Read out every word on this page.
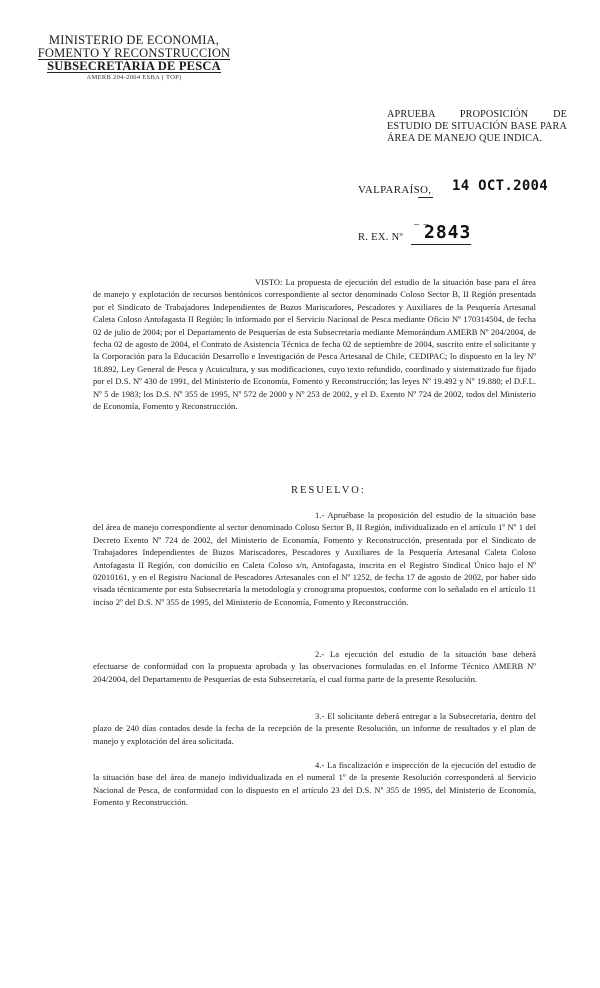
MINISTERIO DE ECONOMIA,
FOMENTO Y RECONSTRUCCION
SUBSECRETARIA DE PESCA
AMERB 204-2004 ESBA ( TOP)
APRUEBA PROPOSICIÓN DE ESTUDIO DE SITUACIÓN BASE PARA ÁREA DE MANEJO QUE INDICA.
VALPARAÍSO, 14 OCT.2004
– –
R. EX. Nº 2843

VISTO: La propuesta de ejecución del estudio de la situación base para el área de manejo y explotación de recursos bentónicos correspondiente al sector denominado Coloso Sector B, II Región presentada por el Sindicato de Trabajadores Independientes de Buzos Mariscadores, Pescadores y Auxiliares de la Pesquería Artesanal Caleta Coloso Antofagasta II Región; lo informado por el Servicio Nacional de Pesca mediante Oficio Nº 170314504, de fecha 02 de julio de 2004; por el Departamento de Pesquerías de esta Subsecretaría mediante Memorándum AMERB Nº 204/2004, de fecha 02 de agosto de 2004, el Contrato de Asistencia Técnica de fecha 02 de septiembre de 2004, suscrito entre el solicitante y la Corporación para la Educación Desarrollo e Investigación de Pesca Artesanal de Chile, CEDIPAC; lo dispuesto en la ley Nº 18.892, Ley General de Pesca y Acuicultura, y sus modificaciones, cuyo texto refundido, coordinado y sistematizado fue fijado por el D.S. Nº 430 de 1991, del Ministerio de Economía, Fomento y Reconstrucción; las leyes Nº 19.492 y Nº 19.880; el D.F.L. Nº 5 de 1983; los D.S. Nº 355 de 1995, Nº 572 de 2000 y Nº 253 de 2002, y el D. Exento Nº 724 de 2002, todos del Ministerio de Economía, Fomento y Reconstrucción.

RESUELVO:

1.- Apruébase la proposición del estudio de la situación base del área de manejo correspondiente al sector denominado Coloso Sector B, II Región, individualizado en el artículo 1º Nº 1 del Decreto Exento Nº 724 de 2002, del Ministerio de Economía, Fomento y Reconstrucción, presentada por el Sindicato de Trabajadores Independientes de Buzos Mariscadores, Pescadores y Auxiliares de la Pesquería Artesanal Caleta Coloso Antofagasta II Región, con domicilio en Caleta Coloso s/n, Antofagasta, inscrita en el Registro Sindical Único bajo el Nº 02010161, y en el Registro Nacional de Pescadores Artesanales con el Nº 1252, de fecha 17 de agosto de 2002, por haber sido visada técnicamente por esta Subsecretaría la metodología y cronograma propuestos, conforme con lo señalado en el artículo 11 inciso 2º del D.S. Nº 355 de 1995, del Ministerio de Economía, Fomento y Reconstrucción.

2.- La ejecución del estudio de la situación base deberá efectuarse de conformidad con la propuesta aprobada y las observaciones formuladas en el Informe Técnico AMERB Nº 204/2004, del Departamento de Pesquerías de esta Subsecretaría, el cual forma parte de la presente Resolución.

3.- El solicitante deberá entregar a la Subsecretaría, dentro del plazo de 240 días contados desde la fecha de la recepción de la presente Resolución, un informe de resultados y el plan de manejo y explotación del área solicitada.

4.- La fiscalización e inspección de la ejecución del estudio de la situación base del área de manejo individualizada en el numeral 1º de la presente Resolución corresponderá al Servicio Nacional de Pesca, de conformidad con lo dispuesto en el artículo 23 del D.S. Nº 355 de 1995, del Ministerio de Economía, Fomento y Reconstrucción.
